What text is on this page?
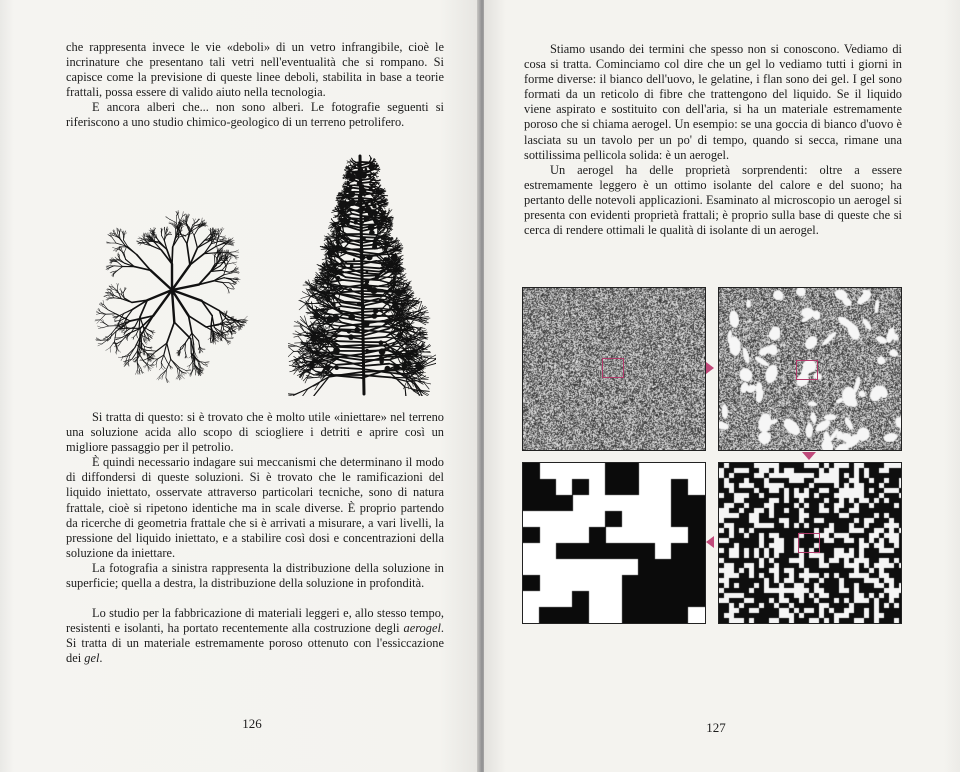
che rappresenta invece le vie «deboli» di un vetro infrangibile, cioè le incrinature che presentano tali vetri nell'eventualità che si rompano. Si capisce come la previsione di queste linee deboli, stabilita in base a teorie frattali, possa essere di valido aiuto nella tecnologia.

E ancora alberi che... non sono alberi. Le fotografie seguenti si riferiscono a uno studio chimico-geologico di un terreno petrolifero.

Si tratta di questo: si è trovato che è molto utile «iniettare» nel terreno una soluzione acida allo scopo di sciogliere i detriti e aprire così un migliore passaggio per il petrolio.

È quindi necessario indagare sui meccanismi che determinano il modo di diffondersi di queste soluzioni. Si è trovato che le ramificazioni del liquido iniettato, osservate attraverso particolari tecniche, sono di natura frattale, cioè si ripetono identiche ma in scale diverse. È proprio partendo da ricerche di geometria frattale che si è arrivati a misurare, a vari livelli, la pressione del liquido iniettato, e a stabilire così dosi e concentrazioni della soluzione da iniettare.

La fotografia a sinistra rappresenta la distribuzione della soluzione in superficie; quella a destra, la distribuzione della soluzione in profondità.

Lo studio per la fabbricazione di materiali leggeri e, allo stesso tempo, resistenti e isolanti, ha portato recentemente alla costruzione degli aerogel. Si tratta di un materiale estremamente poroso ottenuto con l'essiccazione dei gel.

126

Stiamo usando dei termini che spesso non si conoscono. Vediamo di cosa si tratta. Cominciamo col dire che un gel lo vediamo tutti i giorni in forme diverse: il bianco dell'uovo, le gelatine, i flan sono dei gel. I gel sono formati da un reticolo di fibre che trattengono del liquido. Se il liquido viene aspirato e sostituito con dell'aria, si ha un materiale estremamente poroso che si chiama aerogel. Un esempio: se una goccia di bianco d'uovo è lasciata su un tavolo per un po' di tempo, quando si secca, rimane una sottilissima pellicola solida: è un aerogel.

Un aerogel ha delle proprietà sorprendenti: oltre a essere estremamente leggero è un ottimo isolante del calore e del suono; ha pertanto delle notevoli applicazioni. Esaminato al microscopio un aerogel si presenta con evidenti proprietà frattali; è proprio sulla base di queste che si cerca di rendere ottimali le qualità di isolante di un aerogel.

127
